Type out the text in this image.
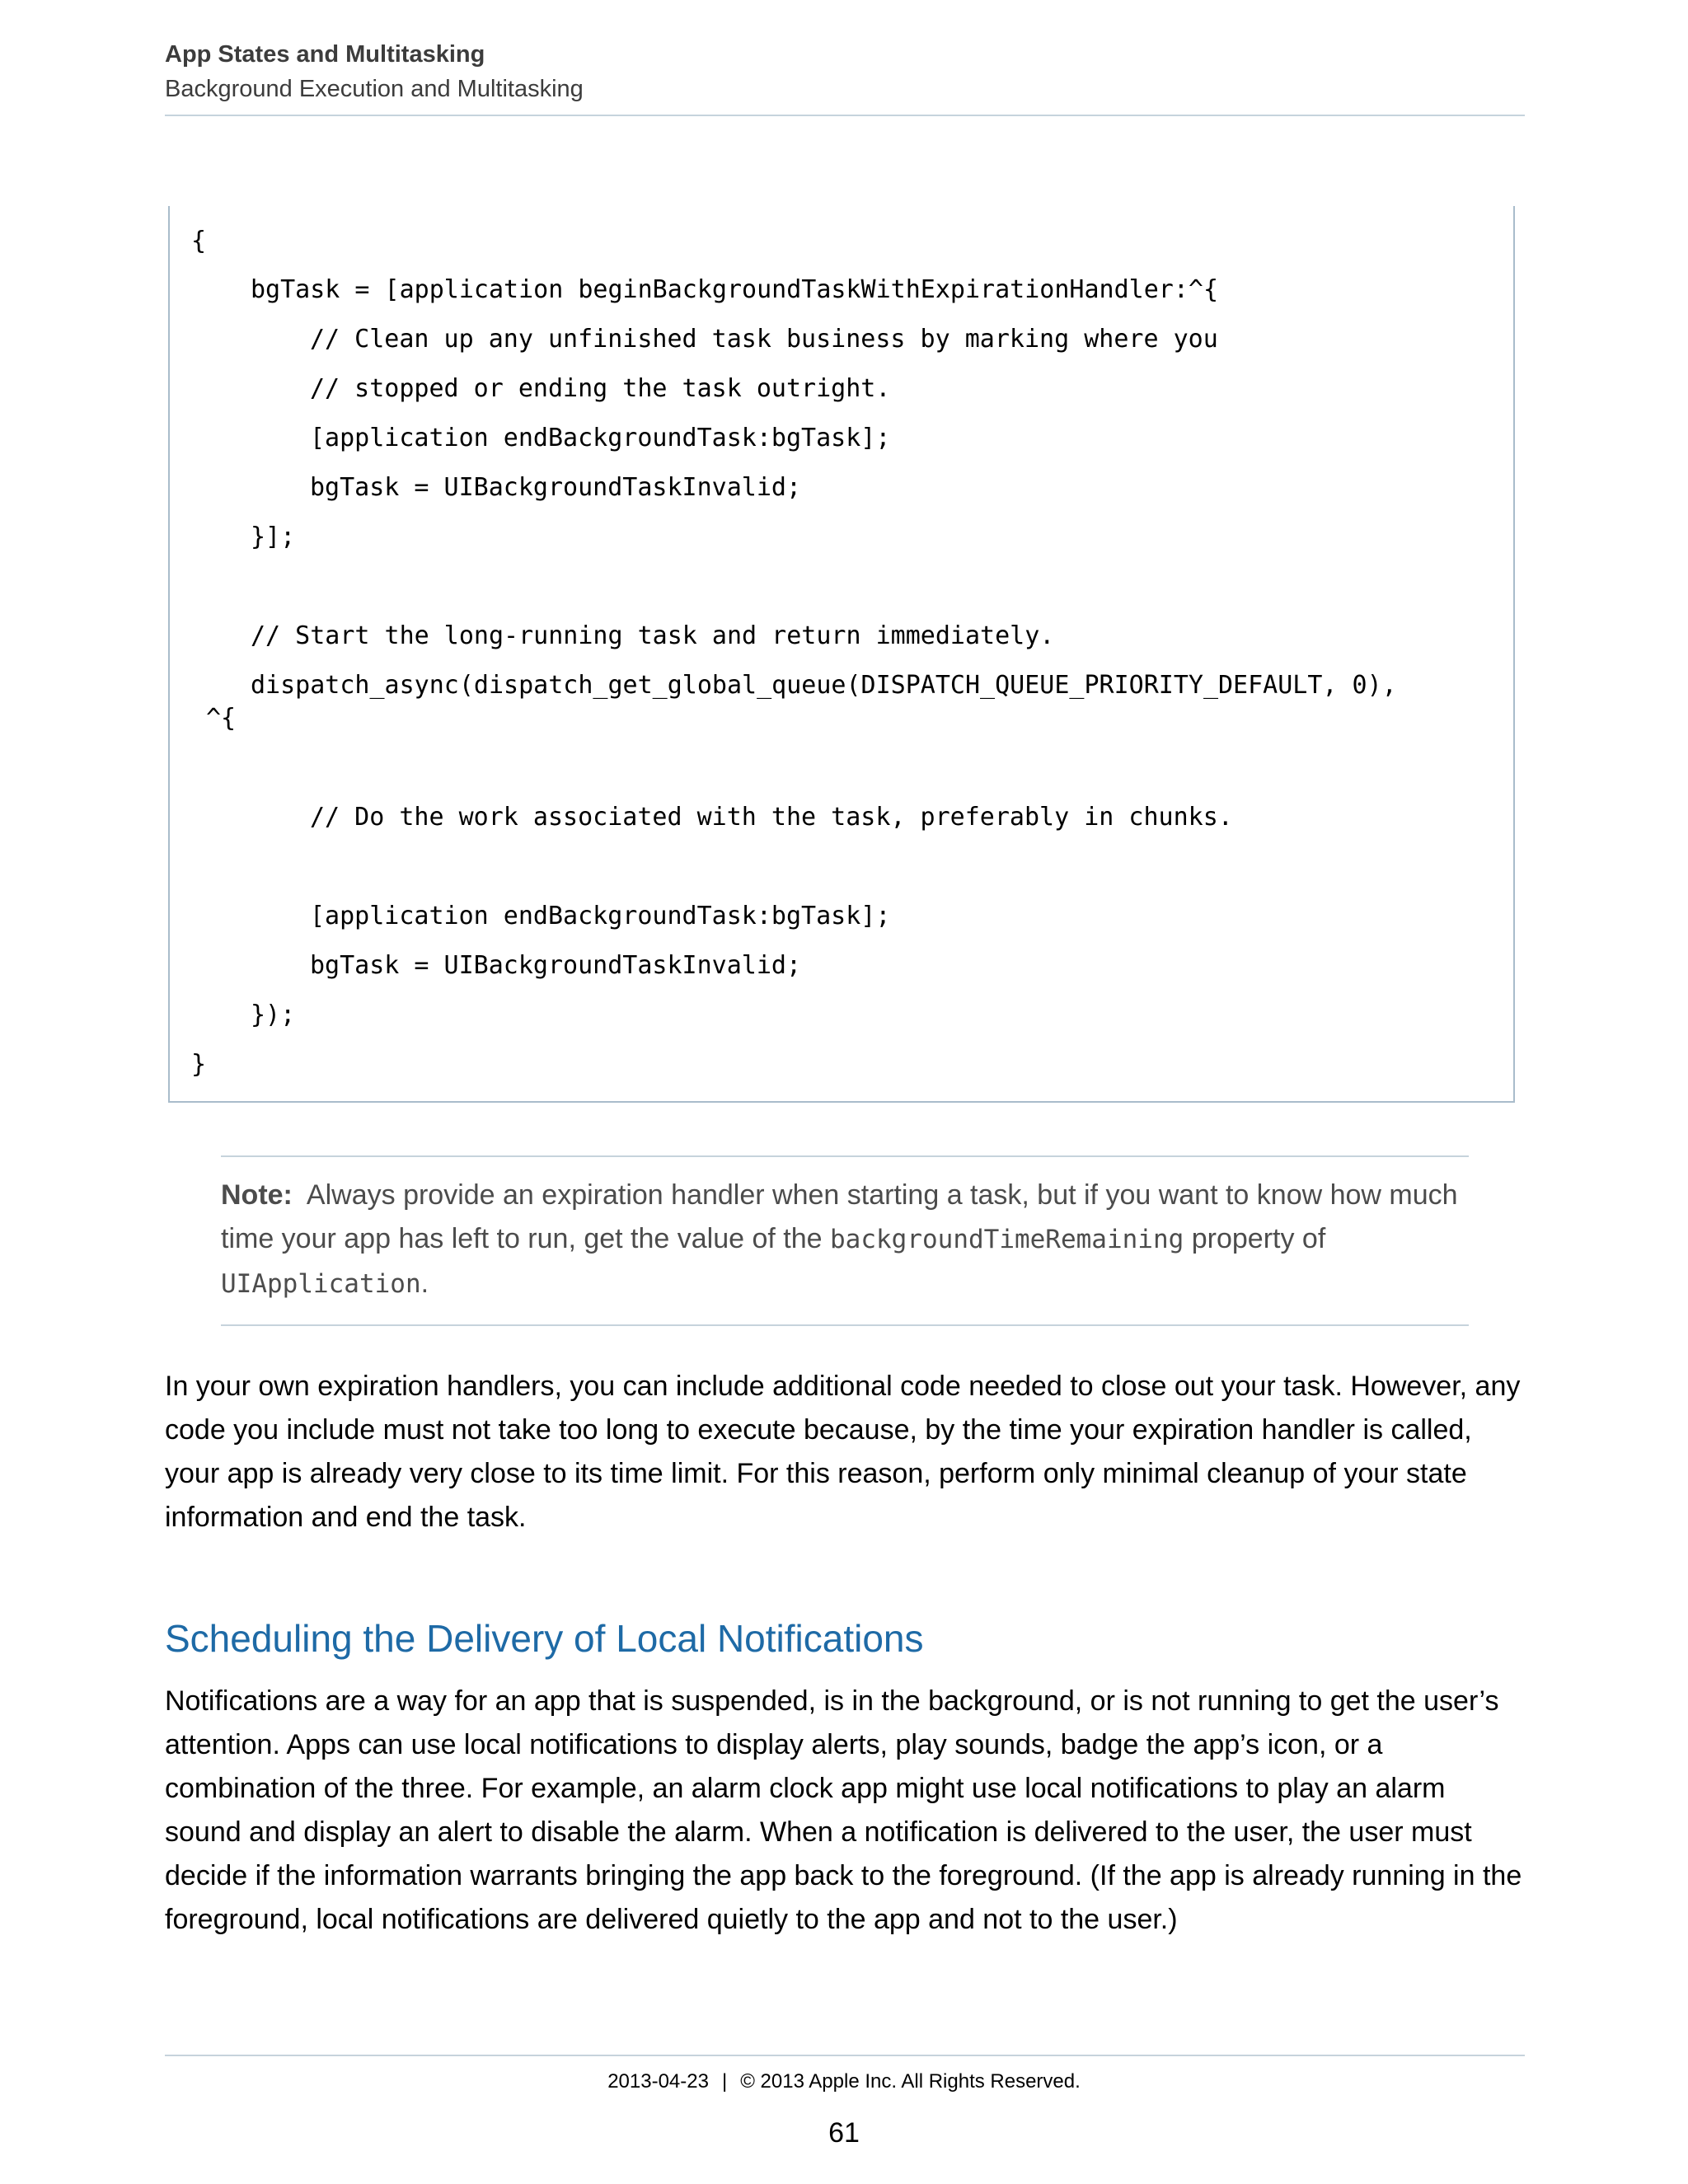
App States and Multitasking
Background Execution and Multitasking
{
bgTask = [application beginBackgroundTaskWithExpirationHandler:^{
// Clean up any unfinished task business by marking where you
// stopped or ending the task outright.
[application endBackgroundTask:bgTask];
bgTask = UIBackgroundTaskInvalid;
}];
// Start the long-running task and return immediately.
dispatch_async(dispatch_get_global_queue(DISPATCH_QUEUE_PRIORITY_DEFAULT, 0),
^{
// Do the work associated with the task, preferably in chunks.
[application endBackgroundTask:bgTask];
bgTask = UIBackgroundTaskInvalid;
});
}
Note: Always provide an expiration handler when starting a task, but if you want to know how much time your app has left to run, get the value of the backgroundTimeRemaining property of UIApplication.
In your own expiration handlers, you can include additional code needed to close out your task. However, any code you include must not take too long to execute because, by the time your expiration handler is called, your app is already very close to its time limit. For this reason, perform only minimal cleanup of your state information and end the task.
Scheduling the Delivery of Local Notifications
Notifications are a way for an app that is suspended, is in the background, or is not running to get the user’s attention. Apps can use local notifications to display alerts, play sounds, badge the app’s icon, or a combination of the three. For example, an alarm clock app might use local notifications to play an alarm sound and display an alert to disable the alarm. When a notification is delivered to the user, the user must decide if the information warrants bringing the app back to the foreground. (If the app is already running in the foreground, local notifications are delivered quietly to the app and not to the user.)
2013-04-23 | © 2013 Apple Inc. All Rights Reserved.
61
